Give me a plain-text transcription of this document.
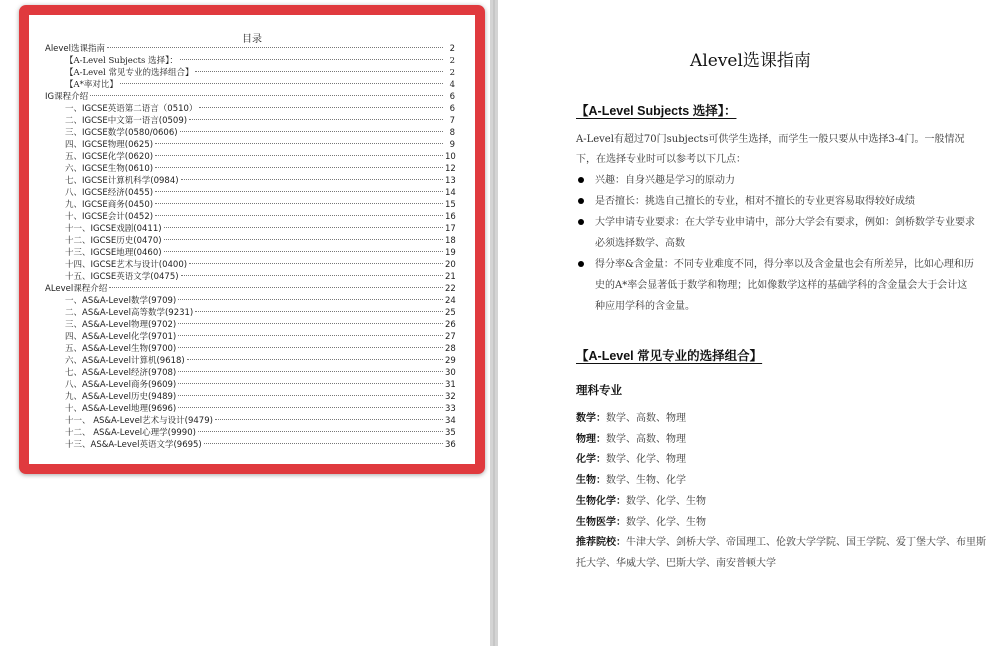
目录
Alevel选课指南	2
【A-Level Subjects 选择】：	2
【A-Level 常见专业的选择组合】	2
【A*率对比】	4
IG课程介绍	6
一、IGCSE英语第二语言（0510）	6
二、IGCSE中文第一语言(0509)	7
三、IGCSE数学(0580/0606)	8
四、IGCSE物理(0625)	9
五、IGCSE化学(0620)	10
六、IGCSE生物(0610)	12
七、IGCSE计算机科学(0984)	13
八、IGCSE经济(0455)	14
九、IGCSE商务(0450)	15
十、IGCSE会计(0452)	16
十一、IGCSE戏剧(0411)	17
十二、IGCSE历史(0470)	18
十三、IGCSE地理(0460)	19
十四、IGCSE艺术与设计(0400)	20
十五、IGCSE英语文学(0475)	21
ALevel课程介绍	22
一、AS&A-Level数学(9709)	24
二、AS&A-Level高等数学(9231)	25
三、AS&A-Level物理(9702)	26
四、AS&A-Level化学(9701)	27
五、AS&A-Level生物(9700)	28
六、AS&A-Level计算机(9618)	29
七、AS&A-Level经济(9708)	30
八、AS&A-Level商务(9609)	31
九、AS&A-Level历史(9489)	32
十、AS&A-Level地理(9696)	33
十一、 AS&A-Level艺术与设计(9479)	34
十二、 AS&A-Level心理学(9990)	35
十三、AS&A-Level英语文学(9695)	36
Alevel选课指南
【A-Level Subjects 选择】：
A-Level有超过70门subjects可供学生选择，而学生一般只要从中选择3-4门。一般情况下，在选择专业时可以参考以下几点：
兴趣：自身兴趣是学习的原动力
是否擅长：挑选自己擅长的专业，相对不擅长的专业更容易取得较好成绩
大学申请专业要求：在大学专业申请中，部分大学会有要求，例如：剑桥数学专业要求必须选择数学、高数
得分率&含金量：不同专业难度不同，得分率以及含金量也会有所差异，比如心理和历史的A*率会显著低于数学和物理；比如像数学这样的基础学科的含金量会大于会计这种应用学科的含金量。
【A-Level 常见专业的选择组合】
理科专业
数学：数学、高数、物理
物理：数学、高数、物理
化学：数学、化学、物理
生物：数学、生物、化学
生物化学：数学、化学、生物
生物医学：数学、化学、生物
推荐院校：牛津大学、剑桥大学、帝国理工、伦敦大学学院、国王学院、爱丁堡大学、布里斯托大学、华威大学、巴斯大学、南安普顿大学
